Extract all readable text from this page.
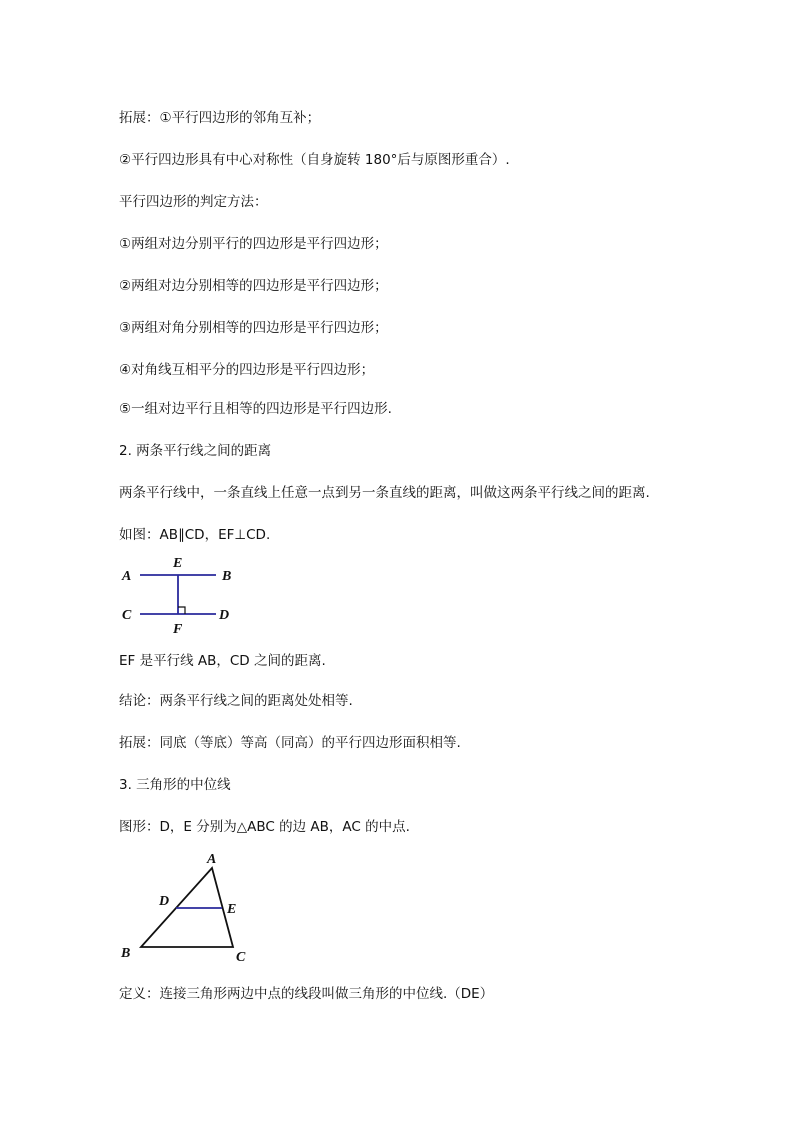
拓展：①平行四边形的邻角互补；
②平行四边形具有中心对称性（自身旋转 180°后与原图形重合）.
平行四边形的判定方法：
①两组对边分别平行的四边形是平行四边形；
②两组对边分别相等的四边形是平行四边形；
③两组对角分别相等的四边形是平行四边形；
④对角线互相平分的四边形是平行四边形；
⑤一组对边平行且相等的四边形是平行四边形.
2. 两条平行线之间的距离
两条平行线中，一条直线上任意一点到另一条直线的距离，叫做这两条平行线之间的距离.
如图：AB∥CD，EF⊥CD.
A	B
C	D
E
F
EF 是平行线 AB，CD 之间的距离.
结论：两条平行线之间的距离处处相等.
拓展：同底（等底）等高（同高）的平行四边形面积相等.
3. 三角形的中位线
图形：D，E 分别为△ABC 的边 AB，AC 的中点.
A
B	C
D
E
定义：连接三角形两边中点的线段叫做三角形的中位线.（DE）
